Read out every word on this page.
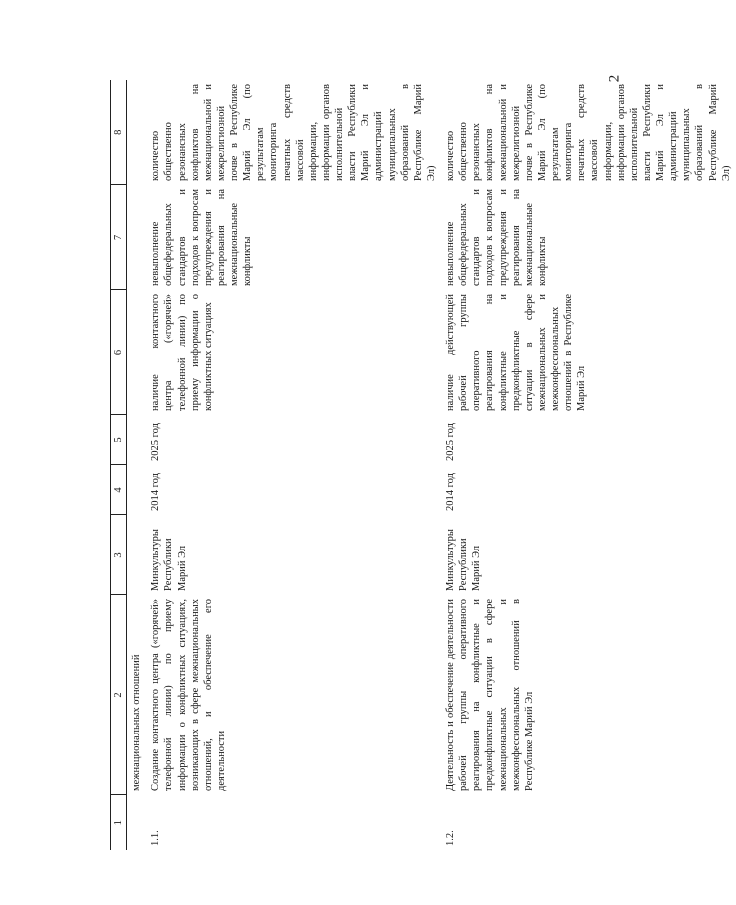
2
1	2	3	4	5	6	7	8
	межнациональных отношений						
1.1.	Создание контактного центра («горячей» телефонной линии) по приему информации о конфликтных ситуациях, возникающих в сфере межнациональных отношений, и обеспечение его деятельности	Минкультуры Республики Марий Эл	2014 год	2025 год	наличие контактного центра («горячей» телефонной линии) по приему информации о конфликтных ситуациях	невыполнение общефедеральных стандартов и подходов к вопросам предупреждения и реагирования на межнациональные конфликты	количество общественно резонансных конфликтов на межнациональной и межрелигиозной почве в Республике Марий Эл (по результатам мониторинга печатных средств массовой информации, информации органов исполнительной власти Республики Марий Эл и администраций муниципальных образований в Республике Марий Эл)
1.2.	Деятельность и обеспечение деятельности рабочей группы оперативного реагирования на конфликтные и предконфликтные ситуации в сфере межнациональных и межконфессиональных отношений в Республике Марий Эл	Минкультуры Республики Марий Эл	2014 год	2025 год	наличие действующей рабочей группы оперативного реагирования на конфликтные и предконфликтные ситуации в сфере межнациональных и межконфессиональных отношений в Республике Марий Эл	невыполнение общефедеральных стандартов и подходов к вопросам предупреждения и реагирования на межнациональные конфликты	количество общественно резонансных конфликтов на межнациональной и межрелигиозной почве в Республике Марий Эл (по результатам мониторинга печатных средств массовой информации, информации органов исполнительной власти Республики Марий Эл и администраций муниципальных образований в Республике Марий Эл)
